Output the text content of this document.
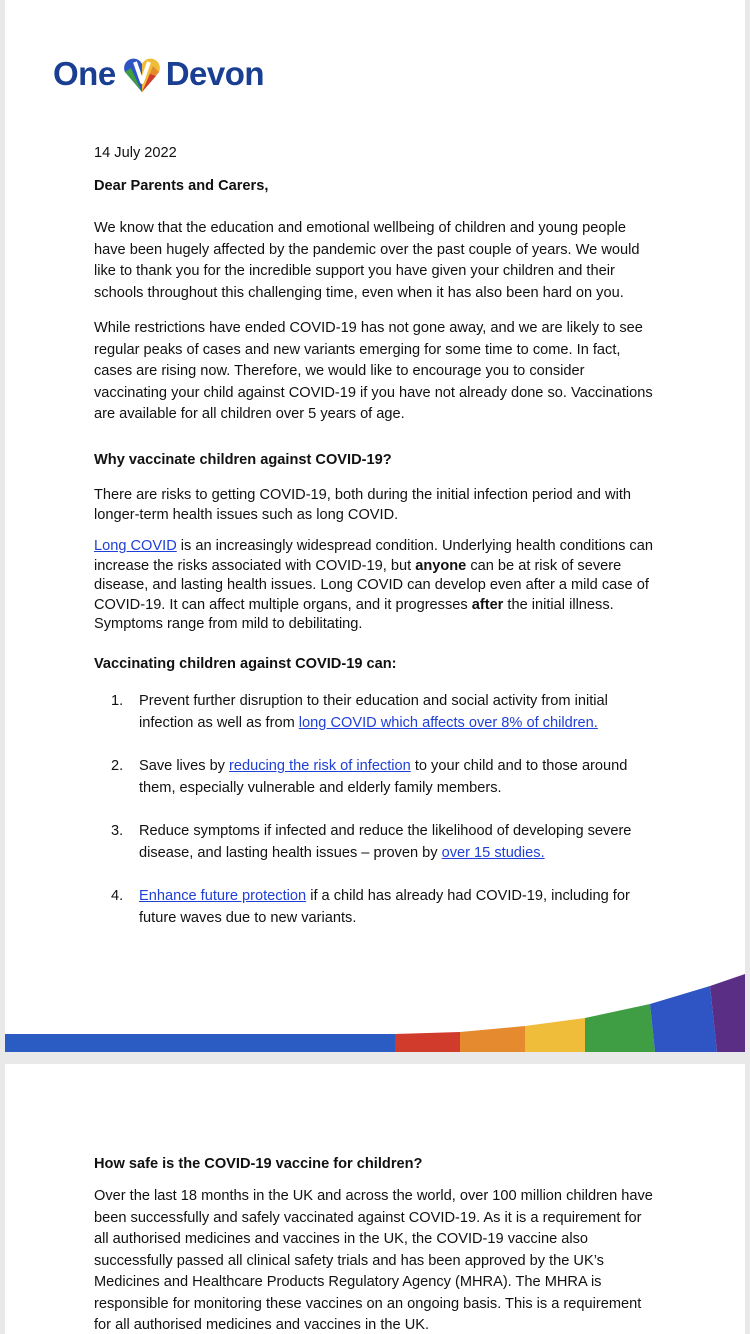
One Devon
14 July 2022
Dear Parents and Carers,
We know that the education and emotional wellbeing of children and young people have been hugely affected by the pandemic over the past couple of years. We would like to thank you for the incredible support you have given your children and their schools throughout this challenging time, even when it has also been hard on you.
While restrictions have ended COVID-19 has not gone away, and we are likely to see regular peaks of cases and new variants emerging for some time to come. In fact, cases are rising now. Therefore, we would like to encourage you to consider vaccinating your child against COVID-19 if you have not already done so. Vaccinations are available for all children over 5 years of age.
Why vaccinate children against COVID-19?
There are risks to getting COVID-19, both during the initial infection period and with longer-term health issues such as long COVID.
Long COVID is an increasingly widespread condition. Underlying health conditions can increase the risks associated with COVID-19, but anyone can be at risk of severe disease, and lasting health issues. Long COVID can develop even after a mild case of COVID-19. It can affect multiple organs, and it progresses after the initial illness. Symptoms range from mild to debilitating.
Vaccinating children against COVID-19 can:
1. Prevent further disruption to their education and social activity from initial infection as well as from long COVID which affects over 8% of children.
2. Save lives by reducing the risk of infection to your child and to those around them, especially vulnerable and elderly family members.
3. Reduce symptoms if infected and reduce the likelihood of developing severe disease, and lasting health issues – proven by over 15 studies.
4. Enhance future protection if a child has already had COVID-19, including for future waves due to new variants.
How safe is the COVID-19 vaccine for children?
Over the last 18 months in the UK and across the world, over 100 million children have been successfully and safely vaccinated against COVID-19. As it is a requirement for all authorised medicines and vaccines in the UK, the COVID-19 vaccine also successfully passed all clinical safety trials and has been approved by the UK’s Medicines and Healthcare Products Regulatory Agency (MHRA). The MHRA is responsible for monitoring these vaccines on an ongoing basis. This is a requirement for all authorised medicines and vaccines in the UK.
